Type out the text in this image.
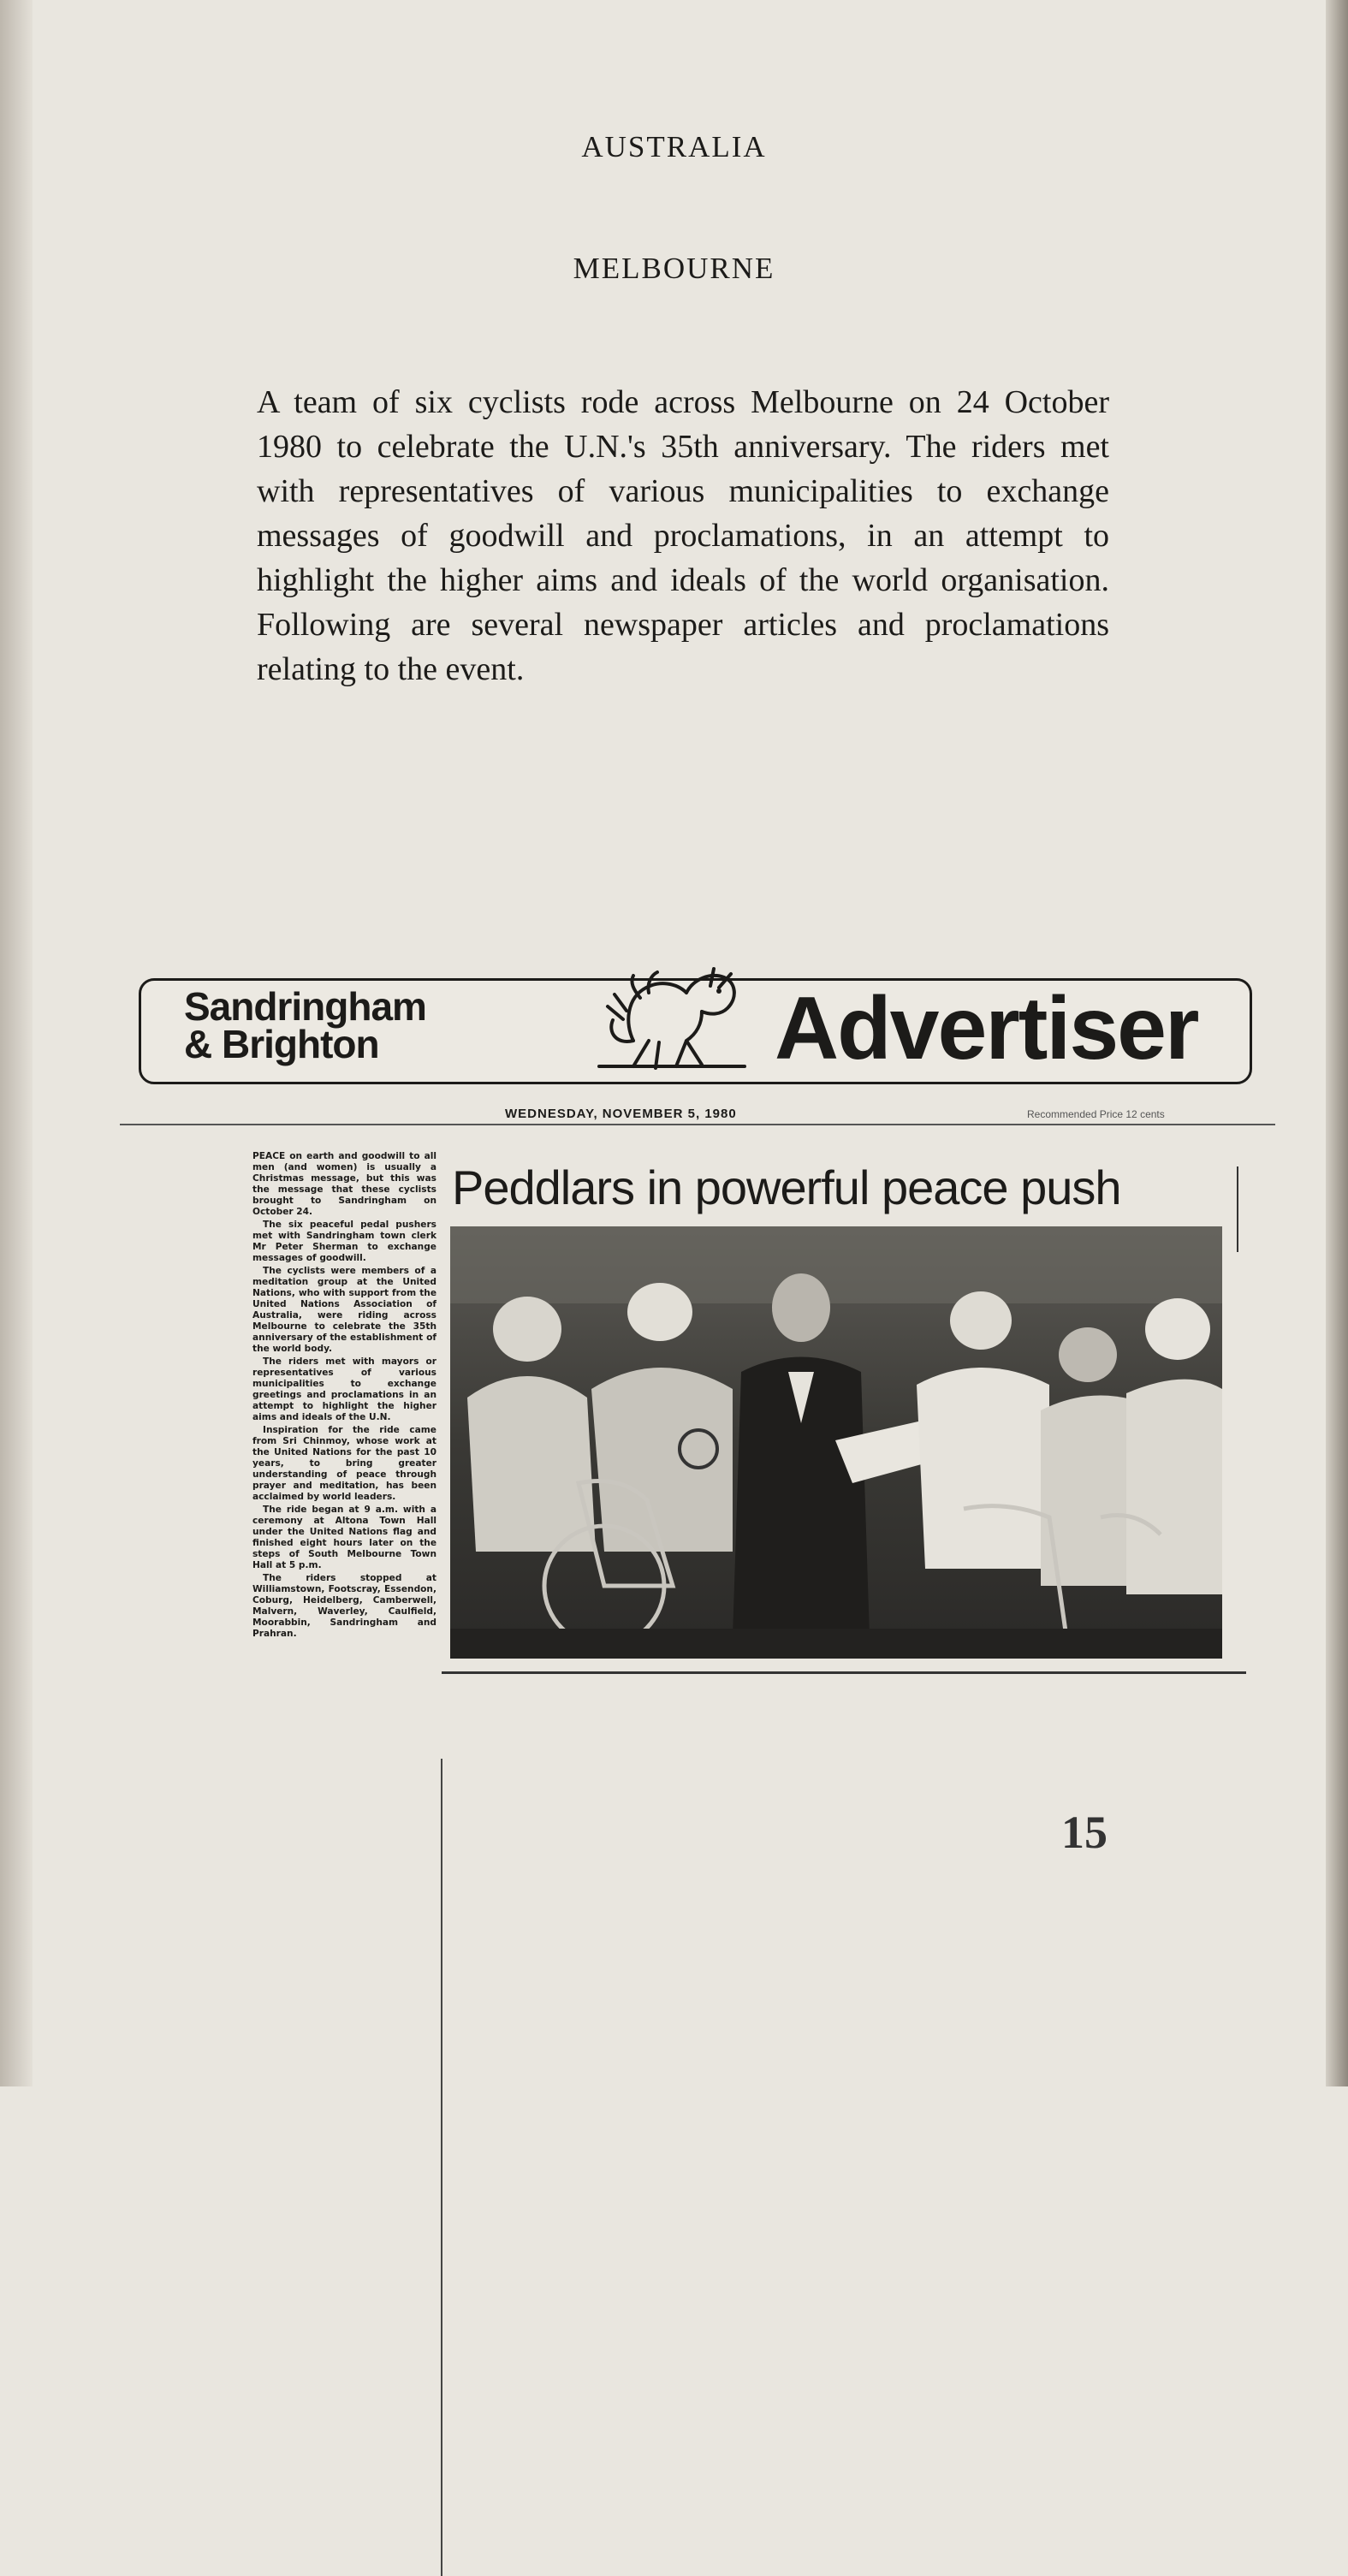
AUSTRALIA
MELBOURNE

A team of six cyclists rode across Melbourne on 24 October 1980 to celebrate the U.N.'s 35th anniversary. The riders met with representatives of various municipalities to exchange messages of goodwill and proclamations, in an attempt to highlight the higher aims and ideals of the world organisation. Following are several newspaper articles and proclamations relating to the event.

Sandringham
& Brighton	Advertiser
WEDNESDAY, NOVEMBER 5, 1980	Recommended Price 12 cents

PEACE on earth and goodwill to all men (and women) is usually a Christmas message, but this was the message that these cyclists brought to Sandringham on October 24.

The six peaceful pedal pushers met with Sandringham town clerk Mr Peter Sherman to exchange messages of goodwill.

The cyclists were members of a meditation group at the United Nations, who with support from the United Nations Association of Australia, were riding across Melbourne to celebrate the 35th anniversary of the establishment of the world body.

The riders met with mayors or representatives of various municipalities to exchange greetings and proclamations in an attempt to highlight the higher aims and ideals of the U.N.

Inspiration for the ride came from Sri Chinmoy, whose work at the United Nations for the past 10 years, to bring greater understanding of peace through prayer and meditation, has been acclaimed by world leaders.

The ride began at 9 a.m. with a ceremony at Altona Town Hall under the United Nations flag and finished eight hours later on the steps of South Melbourne Town Hall at 5 p.m.

The riders stopped at Williamstown, Footscray, Essendon, Coburg, Heidelberg, Camberwell, Malvern, Waverley, Caulfield, Moorabbin, Sandringham and Prahran.

Peddlars in powerful peace push
15
